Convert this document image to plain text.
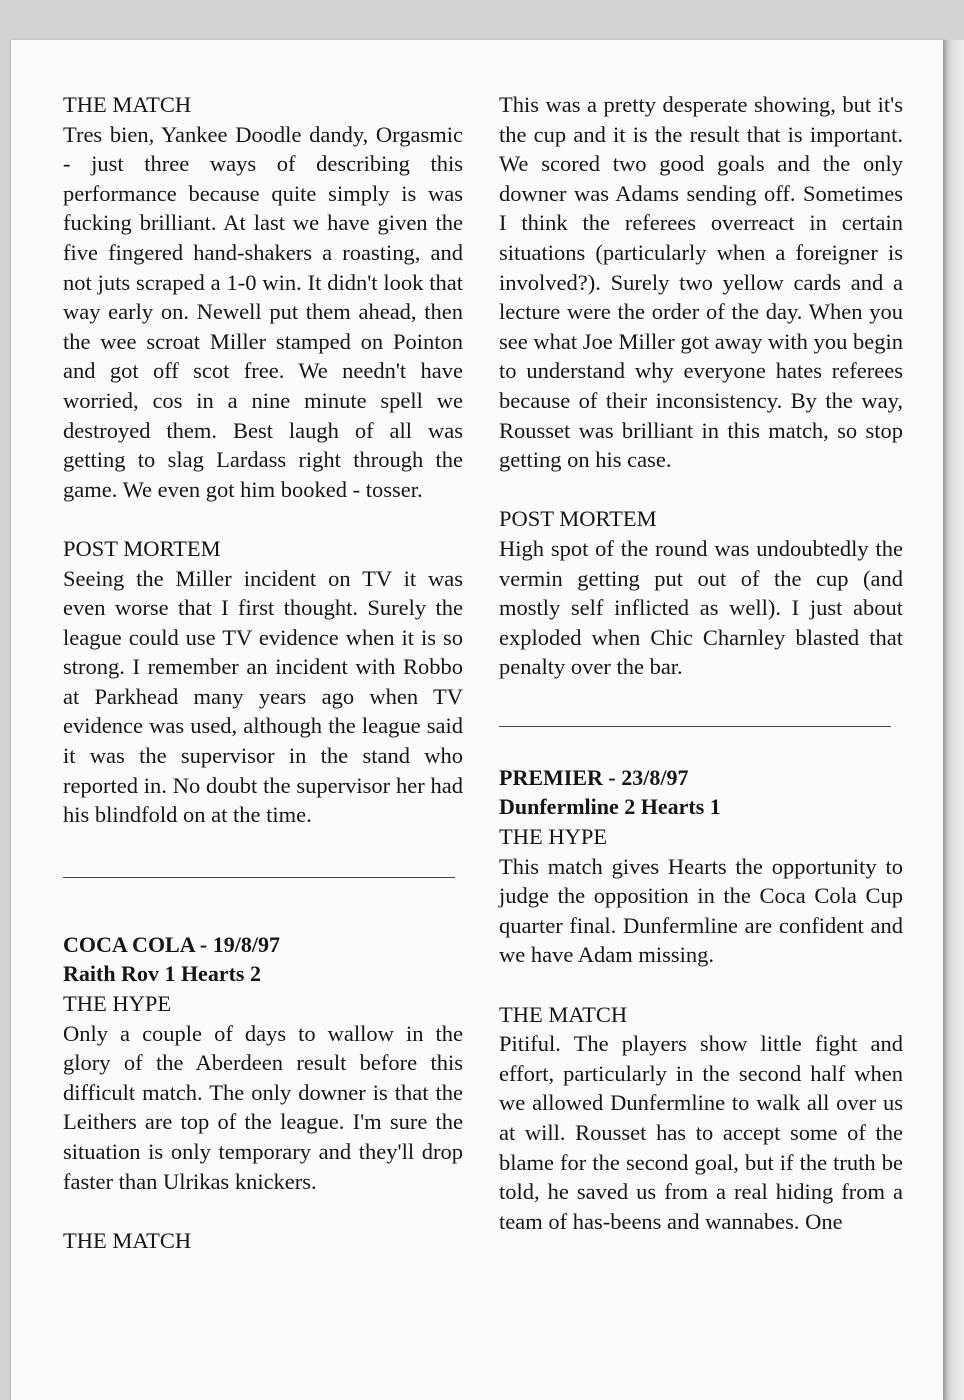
THE MATCH

Tres bien, Yankee Doodle dandy, Orgasmic - just three ways of describing this performance because quite simply is was fucking brilliant. At last we have given the five fingered hand-shakers a roasting, and not juts scraped a 1-0 win. It didn't look that way early on. Newell put them ahead, then the wee scroat Miller stamped on Pointon and got off scot free. We needn't have worried, cos in a nine minute spell we destroyed them. Best laugh of all was getting to slag Lardass right through the game. We even got him booked - tosser.

POST MORTEM

Seeing the Miller incident on TV it was even worse that I first thought. Surely the league could use TV evidence when it is so strong. I remember an incident with Robbo at Parkhead many years ago when TV evidence was used, although the league said it was the supervisor in the stand who reported in. No doubt the supervisor her had his blindfold on at the time.

COCA COLA - 19/8/97
Raith Rov 1 Hearts 2
THE HYPE

Only a couple of days to wallow in the glory of the Aberdeen result before this difficult match. The only downer is that the Leithers are top of the league. I'm sure the situation is only temporary and they'll drop faster than Ulrikas knickers.

THE MATCH

This was a pretty desperate showing, but it's the cup and it is the result that is important. We scored two good goals and the only downer was Adams sending off. Sometimes I think the referees overreact in certain situations (particularly when a foreigner is involved?). Surely two yellow cards and a lecture were the order of the day. When you see what Joe Miller got away with you begin to understand why everyone hates referees because of their inconsistency. By the way, Rousset was brilliant in this match, so stop getting on his case.

POST MORTEM

High spot of the round was undoubtedly the vermin getting put out of the cup (and mostly self inflicted as well). I just about exploded when Chic Charnley blasted that penalty over the bar.

PREMIER - 23/8/97
Dunfermline 2 Hearts 1
THE HYPE

This match gives Hearts the opportunity to judge the opposition in the Coca Cola Cup quarter final. Dunfermline are confident and we have Adam missing.

THE MATCH

Pitiful. The players show little fight and effort, particularly in the second half when we allowed Dunfermline to walk all over us at will. Rousset has to accept some of the blame for the second goal, but if the truth be told, he saved us from a real hiding from a team of has-beens and wannabes. One
